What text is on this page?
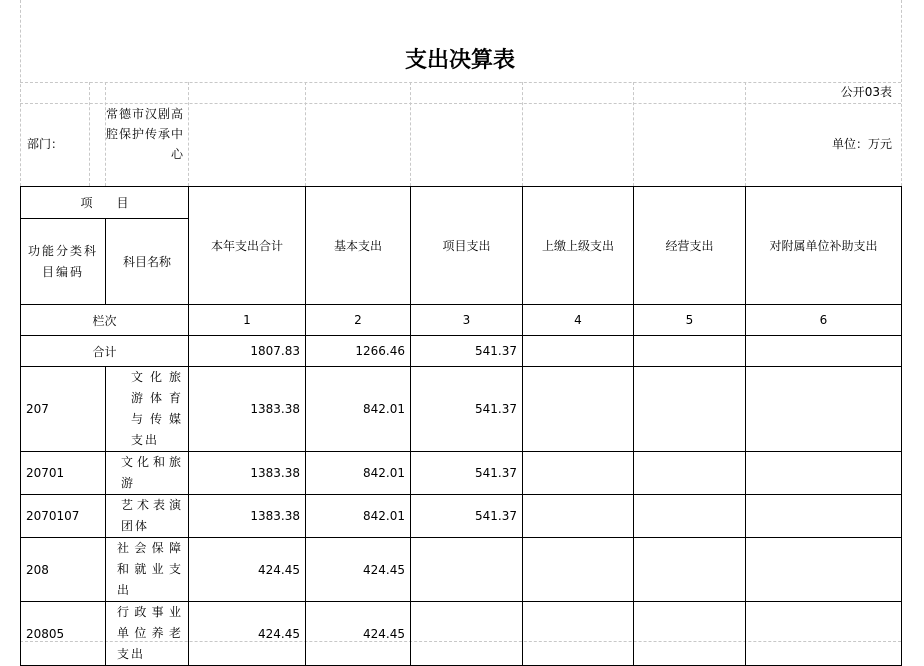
支出决算表
公开03表
部门：
常德市汉剧高腔保护传承中心
单位：万元
项　　目		本年支出合计	基本支出	项目支出	上缴上级支出	经营支出	对附属单位补助支出
功能分类科目编码	科目名称						
栏次		1	2	3	4	5	6
合计		1807.83	1266.46	541.37			
207	文化旅游体育与传媒支出	1383.38	842.01	541.37			
20701	文化和旅游	1383.38	842.01	541.37			
2070107	艺术表演团体	1383.38	842.01	541.37			
208	社会保障和就业支出	424.45	424.45				
20805	行政事业单位养老支出	424.45	424.45				
